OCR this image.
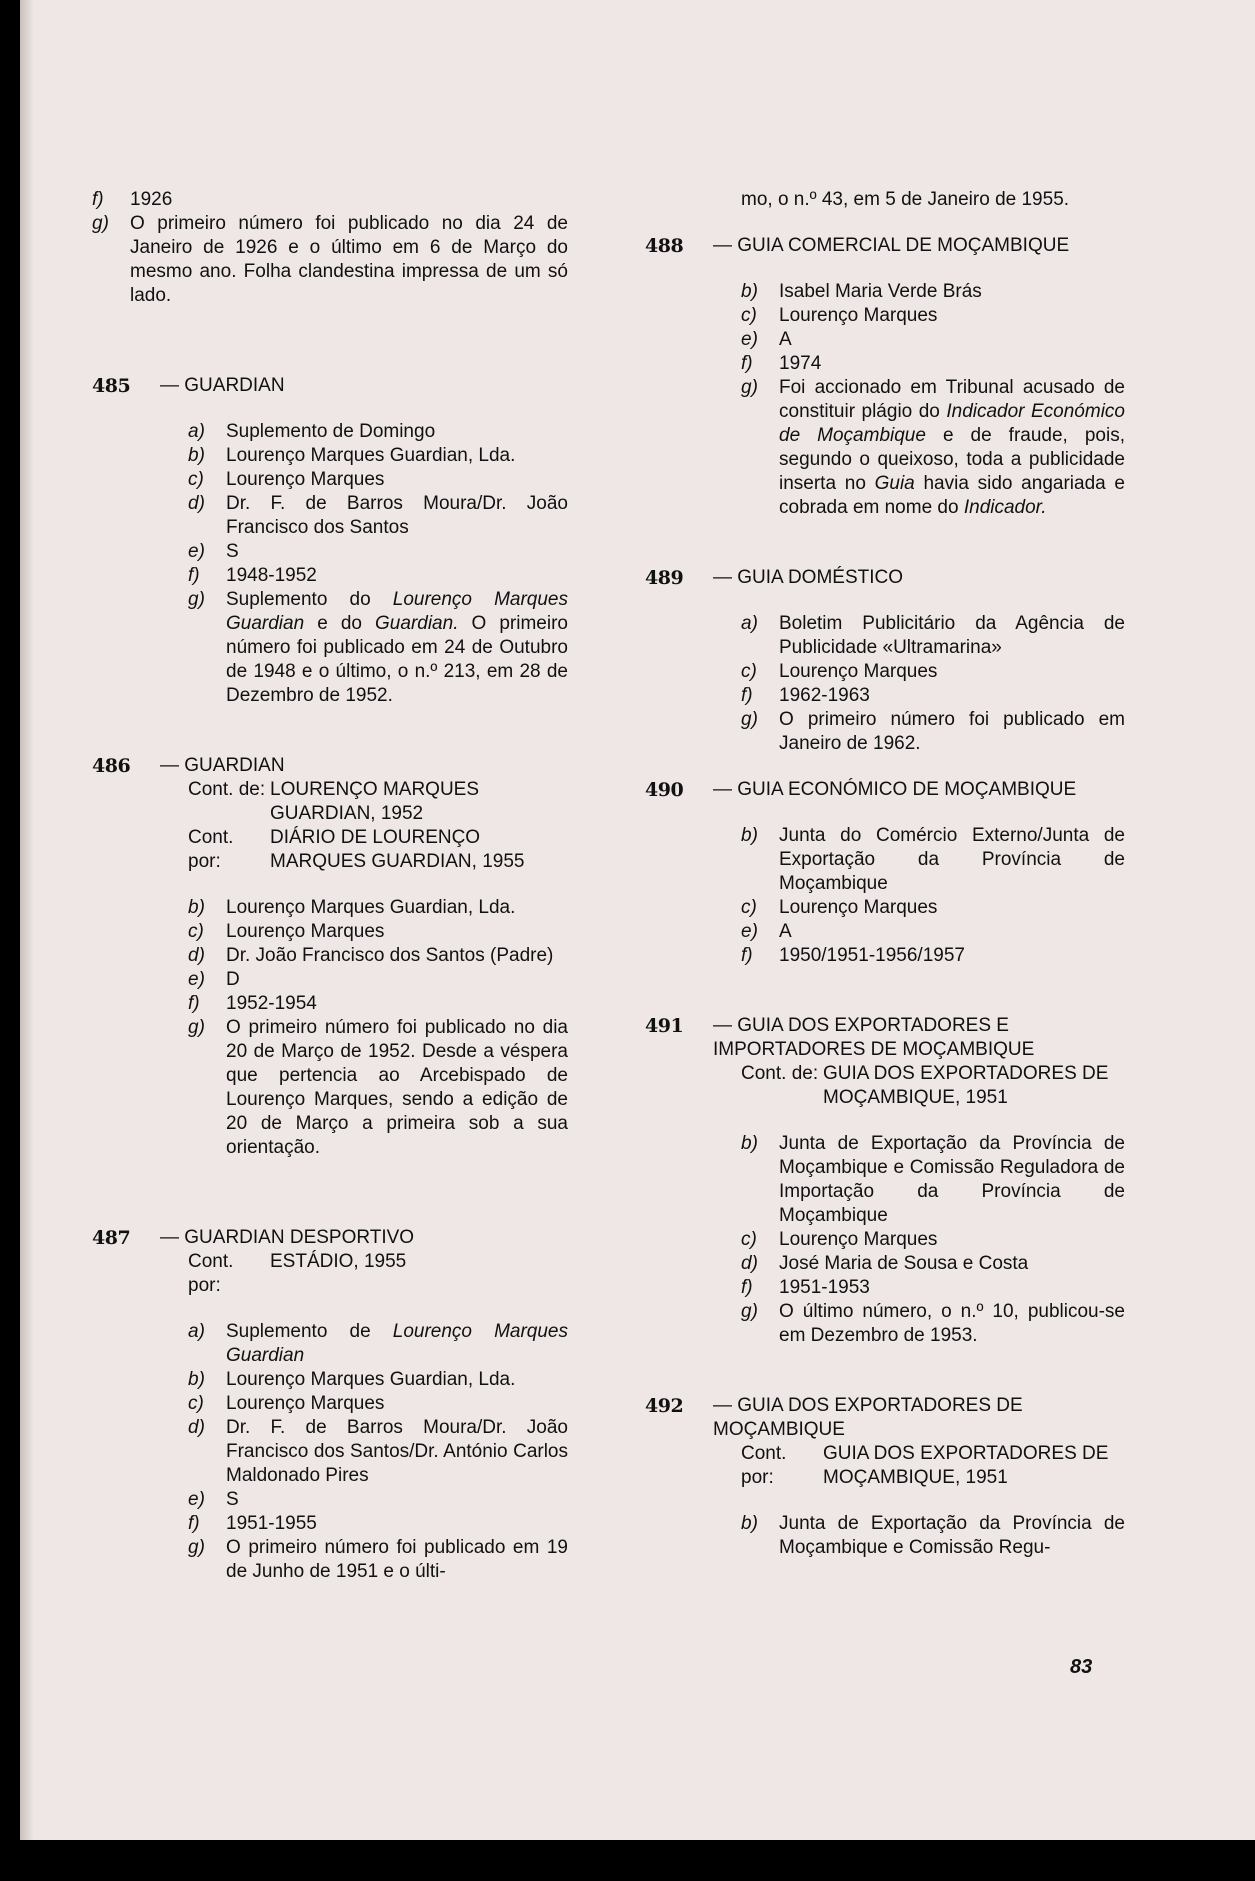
f)	1926
g)	O primeiro número foi publicado no dia 24 de Janeiro de 1926 e o último em 6 de Março do mesmo ano. Folha clandestina impressa de um só lado.
485	— GUARDIAN
a)	Suplemento de Domingo
b)	Lourenço Marques Guardian, Lda.
c)	Lourenço Marques
d)	Dr. F. de Barros Moura/Dr. João Francisco dos Santos
e)	S
f)	1948-1952
g)	Suplemento do Lourenço Marques Guardian e do Guardian. O primeiro número foi publicado em 24 de Outubro de 1948 e o último, o n.º 213, em 28 de Dezembro de 1952.
486	— GUARDIAN
Cont. de: LOURENÇO MARQUES GUARDIAN, 1952
Cont. por:
DIÁRIO DE LOURENÇO MARQUES GUARDIAN, 1955
b)	Lourenço Marques Guardian, Lda.
c)	Lourenço Marques
d)	Dr. João Francisco dos Santos (Padre)
e)	D
f)	1952-1954
g)	O primeiro número foi publicado no dia 20 de Março de 1952. Desde a véspera que pertencia ao Arcebispado de Lourenço Marques, sendo a edição de 20 de Março a primeira sob a sua orientação.
487	— GUARDIAN DESPORTIVO
Cont. por:
ESTÁDIO, 1955
a)	Suplemento de Lourenço Marques Guardian
b)	Lourenço Marques Guardian, Lda.
c)	Lourenço Marques
d)	Dr. F. de Barros Moura/Dr. João Francisco dos Santos/Dr. António Carlos Maldonado Pires
e)	S
f)	1951-1955
g)	O primeiro número foi publicado em 19 de Junho de 1951 e o últi-
mo, o n.º 43, em 5 de Janeiro de 1955.
488	— GUIA COMERCIAL DE MOÇAMBIQUE
b)	Isabel Maria Verde Brás
c)	Lourenço Marques
e)	A
f)	1974
g)	Foi accionado em Tribunal acusado de constituir plágio do Indicador Económico de Moçambique e de fraude, pois, segundo o queixoso, toda a publicidade inserta no Guia havia sido angariada e cobrada em nome do Indicador.
489	— GUIA DOMÉSTICO
a)	Boletim Publicitário da Agência de Publicidade «Ultramarina»
c)	Lourenço Marques
f)	1962-1963
g)	O primeiro número foi publicado em Janeiro de 1962.
490	— GUIA ECONÓMICO DE MOÇAMBIQUE
b)	Junta do Comércio Externo/Junta de Exportação da Província de Moçambique
c)	Lourenço Marques
e)	A
f)	1950/1951-1956/1957
491	— GUIA DOS EXPORTADORES E IMPORTADORES DE MOÇAMBIQUE
Cont. de: GUIA DOS EXPORTADORES DE MOÇAMBIQUE, 1951
b)	Junta de Exportação da Província de Moçambique e Comissão Reguladora de Importação da Província de Moçambique
c)	Lourenço Marques
d)	José Maria de Sousa e Costa
f)	1951-1953
g)	O último número, o n.º 10, publicou-se em Dezembro de 1953.
492	— GUIA DOS EXPORTADORES DE MOÇAMBIQUE
Cont. por:
GUIA DOS EXPORTADORES DE MOÇAMBIQUE, 1951
b)	Junta de Exportação da Província de Moçambique e Comissão Regu-
83
